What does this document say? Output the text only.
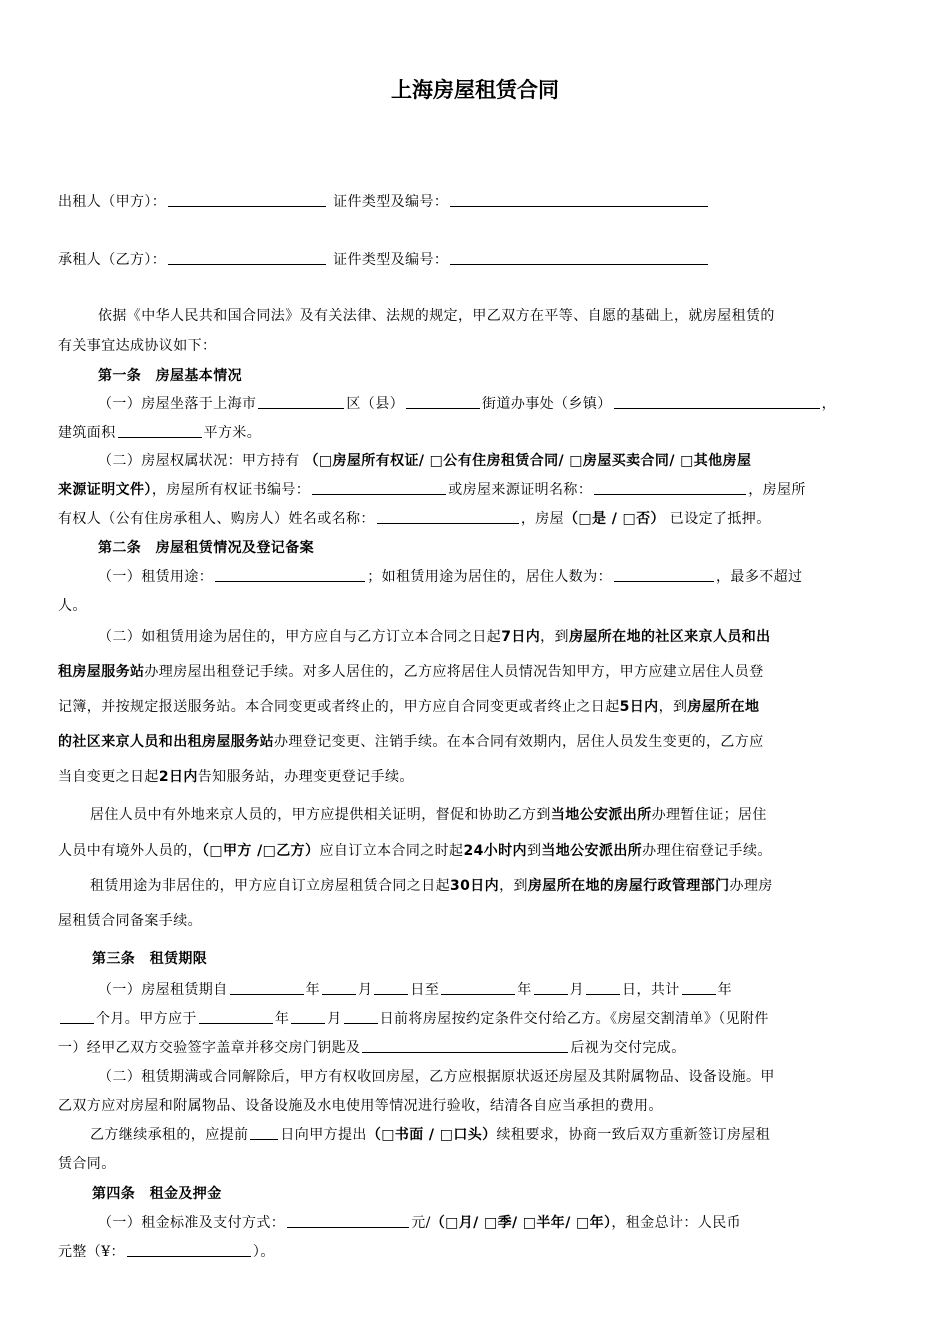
上海房屋租赁合同
出租人（甲方）：	证件类型及编号：
承租人（乙方）：	证件类型及编号：
依据《中华人民共和国合同法》及有关法律、法规的规定，甲乙双方在平等、自愿的基础上，就房屋租赁的
有关事宜达成协议如下：
第一条　房屋基本情况
（一）房屋坐落于上海市	区（县）	街道办事处（乡镇）	，
建筑面积	平方米。
（二）房屋权属状况：甲方持有 （□房屋所有权证/ □公有住房租赁合同/ □房屋买卖合同/ □其他房屋
来源证明文件），房屋所有权证书编号：	或房屋来源证明名称：	，房屋所
有权人（公有住房承租人、购房人）姓名或名称：	，房屋（□是 / □否） 已设定了抵押。
第二条　房屋租赁情况及登记备案
（一）租赁用途：	；如租赁用途为居住的，居住人数为：	，最多不超过
人。
（二）如租赁用途为居住的，甲方应自与乙方订立本合同之日起7日内，到房屋所在地的社区来京人员和出
租房屋服务站办理房屋出租登记手续。对多人居住的，乙方应将居住人员情况告知甲方，甲方应建立居住人员登
记簿，并按规定报送服务站。本合同变更或者终止的，甲方应自合同变更或者终止之日起5日内，到房屋所在地
的社区来京人员和出租房屋服务站办理登记变更、注销手续。在本合同有效期内，居住人员发生变更的，乙方应
当自变更之日起2日内告知服务站，办理变更登记手续。
居住人员中有外地来京人员的，甲方应提供相关证明，督促和协助乙方到当地公安派出所办理暂住证；居住
人员中有境外人员的，（□甲方 /□乙方）应自订立本合同之时起24小时内到当地公安派出所办理住宿登记手续。
租赁用途为非居住的，甲方应自订立房屋租赁合同之日起30日内，到房屋所在地的房屋行政管理部门办理房
屋租赁合同备案手续。
第三条　租赁期限
（一）房屋租赁期自	年	月	日至	年	月	日，共计	年
个月。甲方应于	年	月	日前将房屋按约定条件交付给乙方。《房屋交割清单》（见附件
一）经甲乙双方交验签字盖章并移交房门钥匙及	后视为交付完成。
（二）租赁期满或合同解除后，甲方有权收回房屋，乙方应根据原状返还房屋及其附属物品、设备设施。甲
乙双方应对房屋和附属物品、设备设施及水电使用等情况进行验收，结清各自应当承担的费用。
乙方继续承租的，应提前 日向甲方提出（□书面 / □口头）续租要求，协商一致后双方重新签订房屋租
赁合同。
第四条　租金及押金
（一）租金标准及支付方式：	元/（□月/ □季/ □半年/ □年），租金总计：人民币
元整（¥：	）。
